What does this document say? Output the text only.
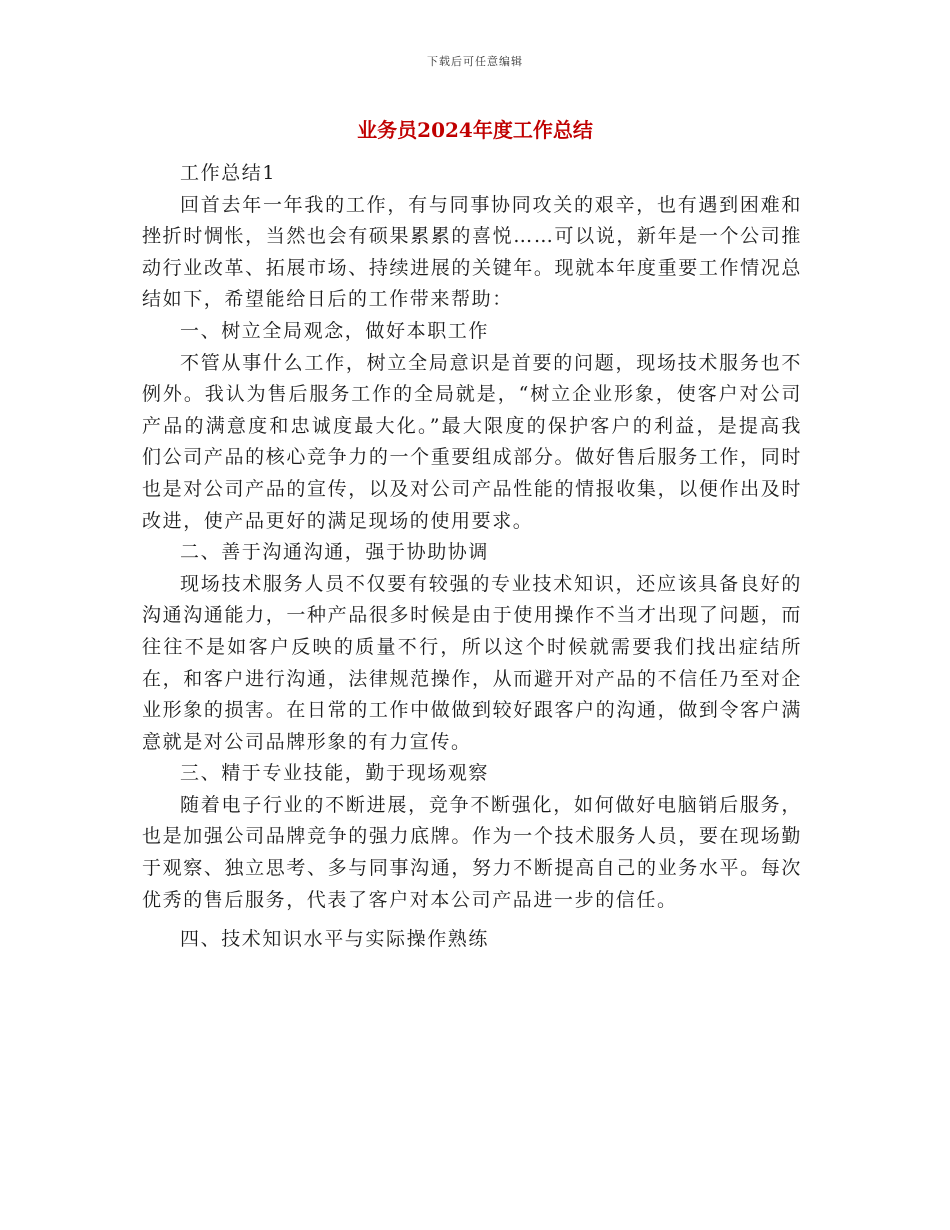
下载后可任意编辑
业务员2024年度工作总结

工作总结1

回首去年一年我的工作，有与同事协同攻关的艰辛，也有遇到困难和挫折时惆怅，当然也会有硕果累累的喜悦……可以说，新年是一个公司推动行业改革、拓展市场、持续进展的关键年。现就本年度重要工作情况总结如下，希望能给日后的工作带来帮助：

一、树立全局观念，做好本职工作

不管从事什么工作，树立全局意识是首要的问题，现场技术服务也不例外。我认为售后服务工作的全局就是，“树立企业形象，使客户对公司产品的满意度和忠诚度最大化。”最大限度的保护客户的利益，是提高我们公司产品的核心竞争力的一个重要组成部分。做好售后服务工作，同时也是对公司产品的宣传，以及对公司产品性能的情报收集，以便作出及时改进，使产品更好的满足现场的使用要求。

二、善于沟通沟通，强于协助协调

现场技术服务人员不仅要有较强的专业技术知识，还应该具备良好的沟通沟通能力，一种产品很多时候是由于使用操作不当才出现了问题，而往往不是如客户反映的质量不行，所以这个时候就需要我们找出症结所在，和客户进行沟通，法律规范操作，从而避开对产品的不信任乃至对企业形象的损害。在日常的工作中做做到较好跟客户的沟通，做到令客户满意就是对公司品牌形象的有力宣传。

三、精于专业技能，勤于现场观察

随着电子行业的不断进展，竞争不断强化，如何做好电脑销后服务，也是加强公司品牌竞争的强力底牌。作为一个技术服务人员，要在现场勤于观察、独立思考、多与同事沟通，努力不断提高自己的业务水平。每次优秀的售后服务，代表了客户对本公司产品进一步的信任。

四、技术知识水平与实际操作熟练
